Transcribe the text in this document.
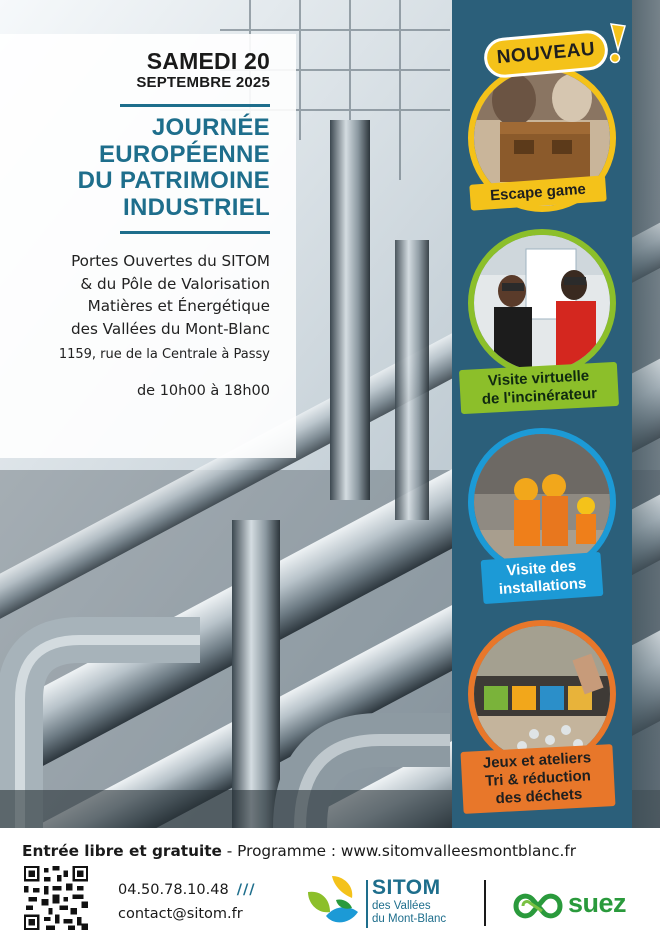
SAMEDI 20
SEPTEMBRE 2025
JOURNÉE
EUROPÉENNE
DU PATRIMOINE
INDUSTRIEL
Portes Ouvertes du SITOM
& du Pôle de Valorisation
Matières et Énergétique
des Vallées du Mont-Blanc
1159, rue de la Centrale à Passy
de 10h00 à 18h00
NOUVEAU
Escape game
Visite virtuelle
de l'incinérateur
Visite des
installations
Jeux et ateliers
Tri & réduction
des déchets
Entrée libre et gratuite - Programme : www.sitomvalleesmontblanc.fr
04.50.78.10.48 ///
contact@sitom.fr
SITOM
des Vallées
du Mont-Blanc
suez
